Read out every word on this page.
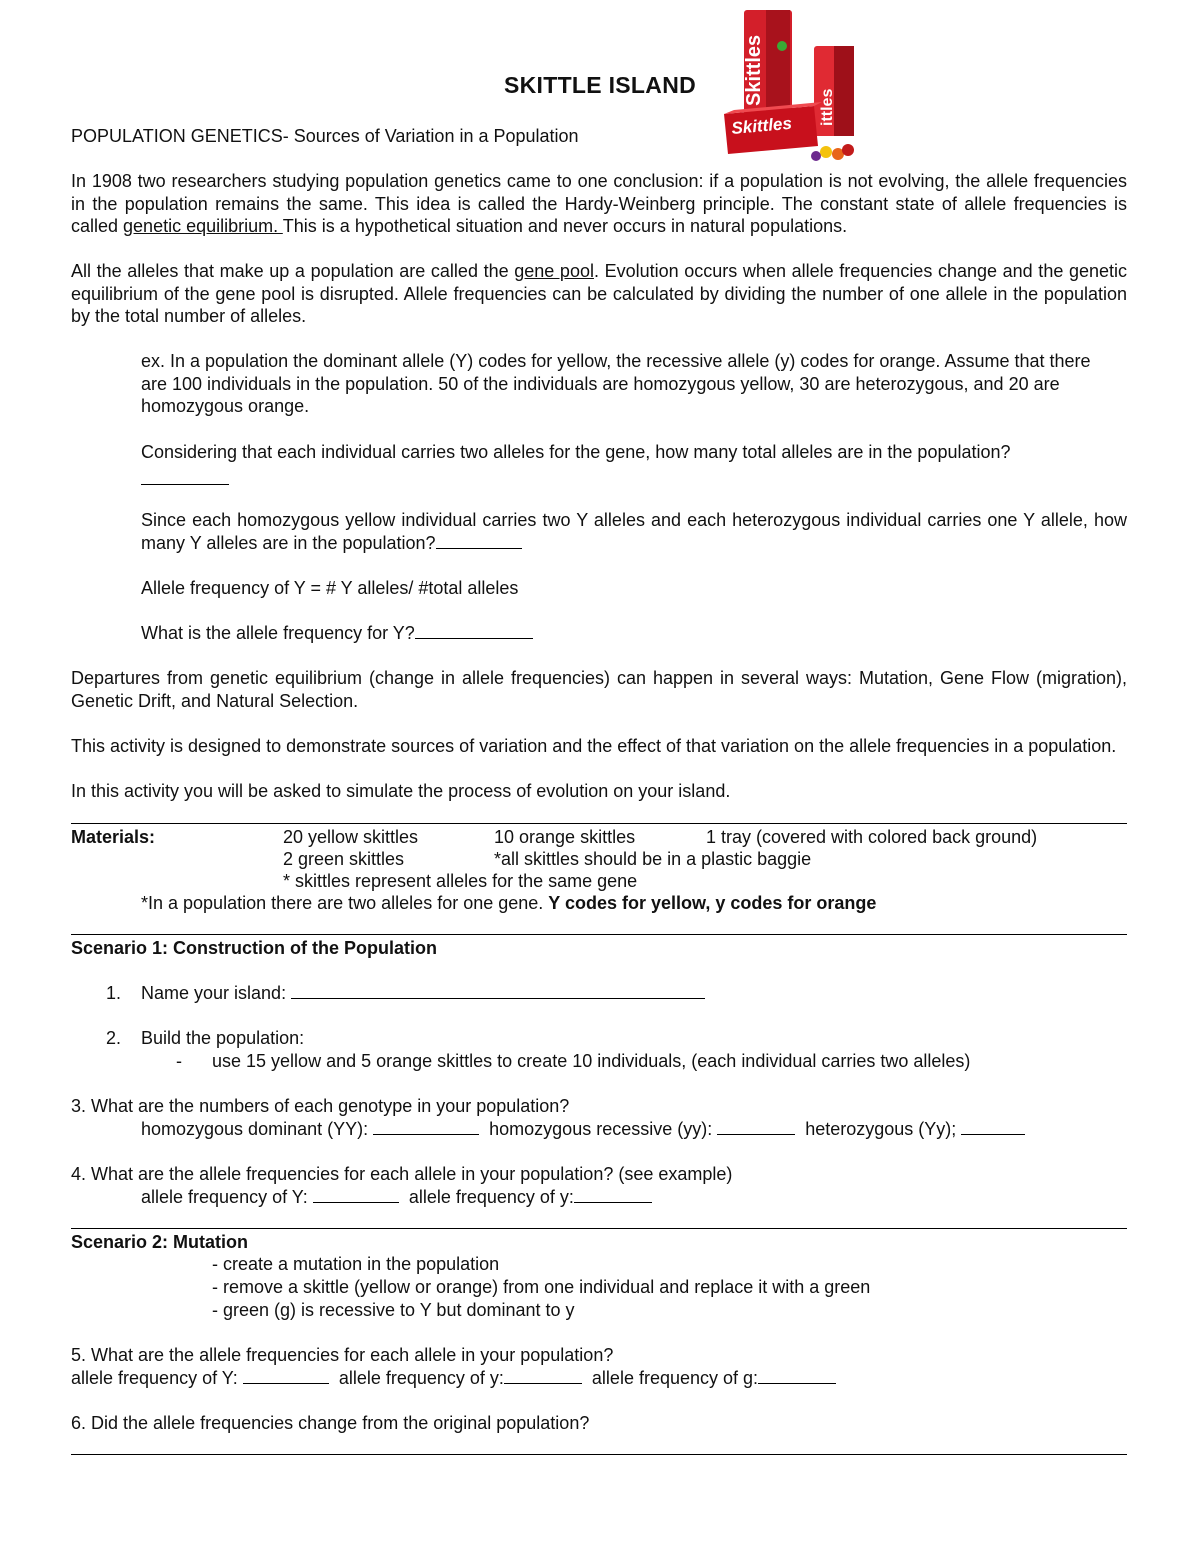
SKITTLE ISLAND	Skittles
ittles
Skittles
POPULATION GENETICS- Sources of Variation in a Population
In 1908 two researchers studying population genetics came to one conclusion: if a population is not evolving, the allele frequencies in the population remains the same. This idea is called the Hardy-Weinberg principle. The constant state of allele frequencies is called genetic equilibrium. This is a hypothetical situation and never occurs in natural populations.
All the alleles that make up a population are called the gene pool. Evolution occurs when allele frequencies change and the genetic equilibrium of the gene pool is disrupted. Allele frequencies can be calculated by dividing the number of one allele in the population by the total number of alleles.
ex. In a population the dominant allele (Y) codes for yellow, the recessive allele (y) codes for orange. Assume that there are 100 individuals in the population. 50 of the individuals are homozygous yellow, 30 are heterozygous, and 20 are homozygous orange.
Considering that each individual carries two alleles for the gene, how many total alleles are in the population?
Since each homozygous yellow individual carries two Y alleles and each heterozygous individual carries one Y allele, how many Y alleles are in the population?
Allele frequency of Y = # Y alleles/ #total alleles
What is the allele frequency for Y?
Departures from genetic equilibrium (change in allele frequencies) can happen in several ways: Mutation, Gene Flow (migration), Genetic Drift, and Natural Selection.
This activity is designed to demonstrate sources of variation and the effect of that variation on the allele frequencies in a population.
In this activity you will be asked to simulate the process of evolution on your island.
Materials:	20 yellow skittles	10 orange skittles	1 tray (covered with colored back ground)
2 green skittles	*all skittles should be in a plastic baggie
* skittles represent alleles for the same gene
*In a population there are two alleles for one gene. Y codes for yellow, y codes for orange
Scenario 1: Construction of the Population
1. Name your island:
2. Build the population:
- use 15 yellow and 5 orange skittles to create 10 individuals, (each individual carries two alleles)
3. What are the numbers of each genotype in your population?
homozygous dominant (YY):	homozygous recessive (yy):	heterozygous (Yy);
4. What are the allele frequencies for each allele in your population? (see example)
allele frequency of Y:	allele frequency of y:
Scenario 2: Mutation
- create a mutation in the population
- remove a skittle (yellow or orange) from one individual and replace it with a green
- green (g) is recessive to Y but dominant to y
5. What are the allele frequencies for each allele in your population?
allele frequency of Y:	allele frequency of y:	allele frequency of g:
6. Did the allele frequencies change from the original population?
